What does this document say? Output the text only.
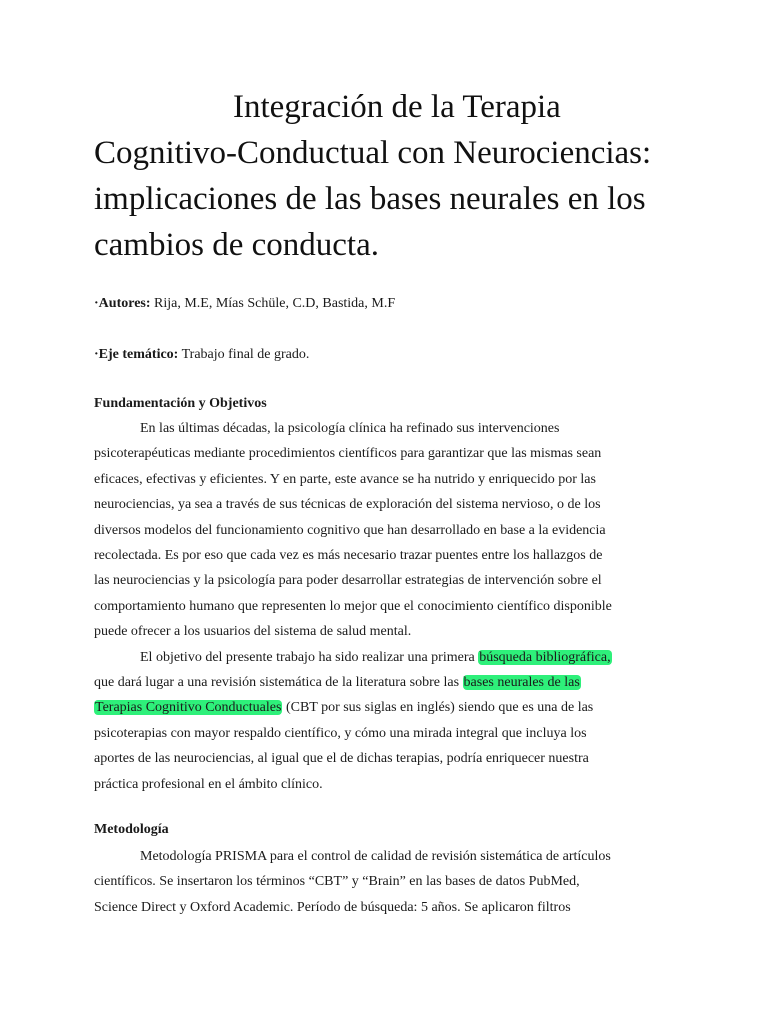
Integración de la Terapia
Cognitivo-Conductual con Neurociencias:
implicaciones de las bases neurales en los
cambios de conducta.
·Autores: Rija, M.E, Mías Schüle, C.D, Bastida, M.F
·Eje temático: Trabajo final de grado.

Fundamentación y Objetivos

En las últimas décadas, la psicología clínica ha refinado sus intervenciones
psicoterapéuticas mediante procedimientos científicos para garantizar que las mismas sean
eficaces, efectivas y eficientes. Y en parte, este avance se ha nutrido y enriquecido por las
neurociencias, ya sea a través de sus técnicas de exploración del sistema nervioso, o de los
diversos modelos del funcionamiento cognitivo que han desarrollado en base a la evidencia
recolectada. Es por eso que cada vez es más necesario trazar puentes entre los hallazgos de
las neurociencias y la psicología para poder desarrollar estrategias de intervención sobre el
comportamiento humano que representen lo mejor que el conocimiento científico disponible
puede ofrecer a los usuarios del sistema de salud mental.

El objetivo del presente trabajo ha sido realizar una primera búsqueda bibliográfica,
que dará lugar a una revisión sistemática de la literatura sobre las bases neurales de las
Terapias Cognitivo Conductuales (CBT por sus siglas en inglés) siendo que es una de las
psicoterapias con mayor respaldo científico, y cómo una mirada integral que incluya los
aportes de las neurociencias, al igual que el de dichas terapias, podría enriquecer nuestra
práctica profesional en el ámbito clínico.

Metodología

Metodología PRISMA para el control de calidad de revisión sistemática de artículos
científicos. Se insertaron los términos “CBT” y “Brain” en las bases de datos PubMed,
Science Direct y Oxford Academic. Período de búsqueda: 5 años. Se aplicaron filtros
